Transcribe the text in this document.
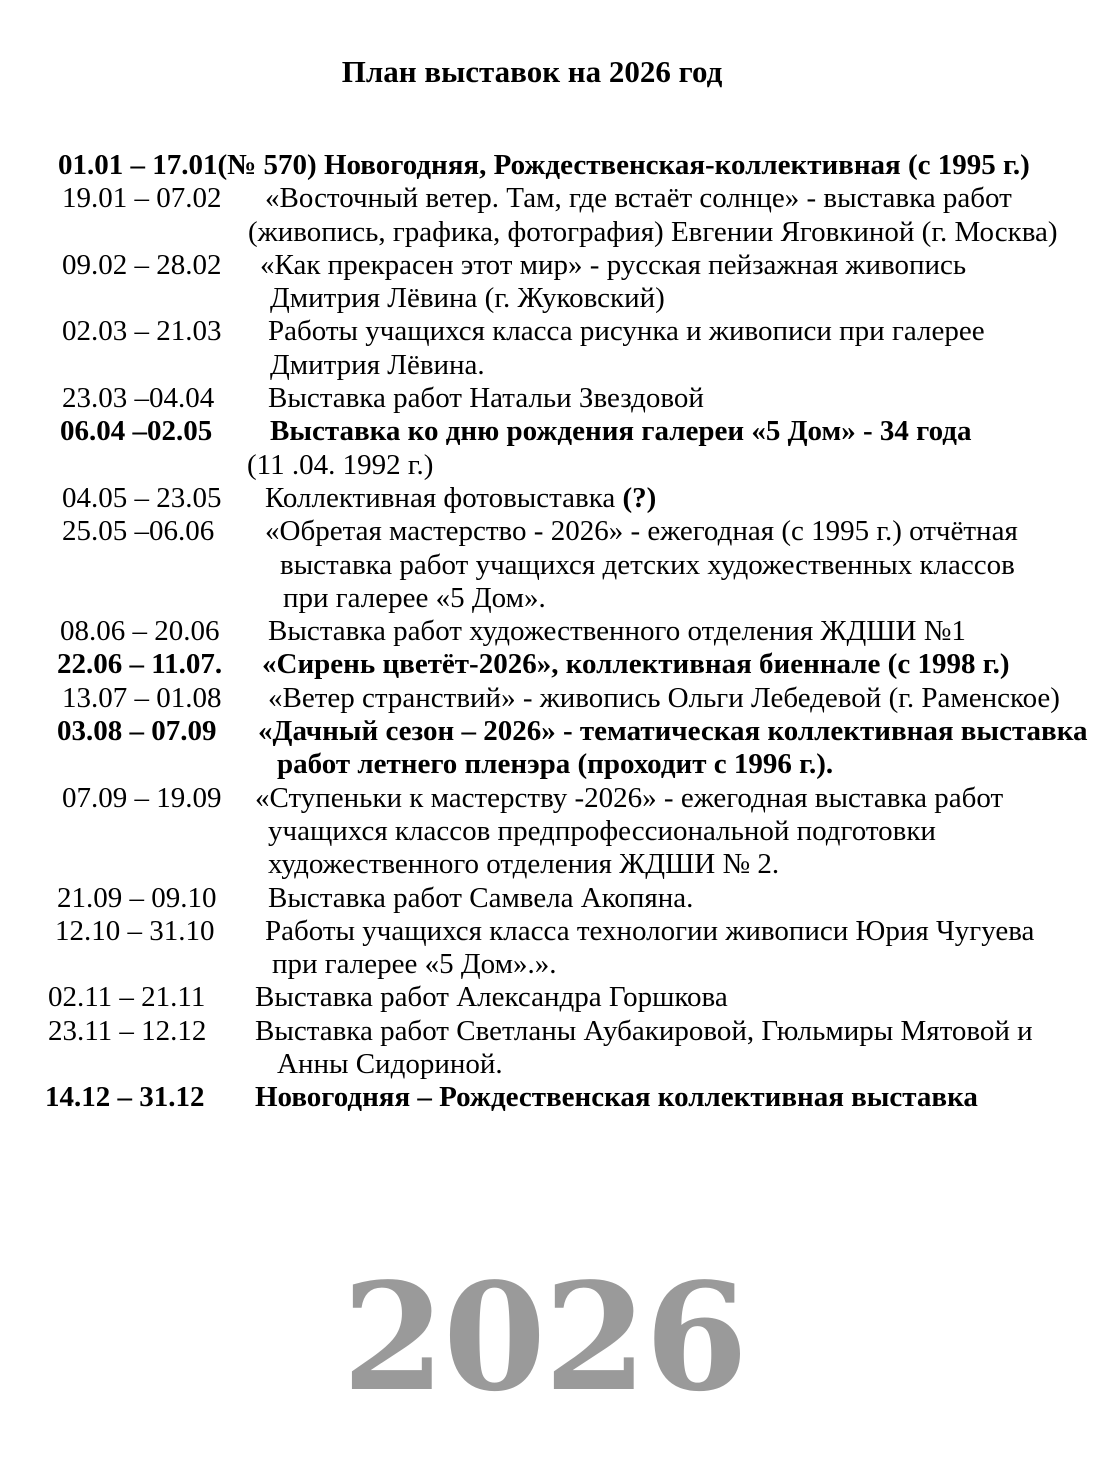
План выставок на 2026 год
01.01 – 17.01(№ 570) Новогодняя, Рождественская-коллективная (с 1995 г.)
19.01 – 07.02	«Восточный ветер. Там, где встаёт солнце» - выставка работ
(живопись, графика, фотография) Евгении Яговкиной (г. Москва)
09.02 – 28.02	«Как прекрасен этот мир» - русская пейзажная живопись
Дмитрия Лёвина (г. Жуковский)
02.03 – 21.03	Работы учащихся класса рисунка и живописи при галерее
Дмитрия Лёвина.
23.03 –04.04	Выставка работ Натальи Звездовой
06.04 –02.05	Выставка ко дню рождения галереи «5 Дом» - 34 года
(11 .04. 1992 г.)
04.05 – 23.05	Коллективная фотовыставка (?)
25.05 –06.06	«Обретая мастерство - 2026» - ежегодная (с 1995 г.) отчётная
выставка работ учащихся детских художественных классов
при галерее «5 Дом».
08.06 – 20.06	Выставка работ художественного отделения ЖДШИ №1
22.06 – 11.07.	«Сирень цветёт-2026», коллективная биеннале (с 1998 г.)
13.07 – 01.08	«Ветер странствий» - живопись Ольги Лебедевой (г. Раменское)
03.08 – 07.09	«Дачный сезон – 2026» - тематическая коллективная выставка
работ летнего пленэра (проходит с 1996 г.).
07.09 – 19.09	«Ступеньки к мастерству -2026» - ежегодная выставка работ
учащихся классов предпрофессиональной подготовки
художественного отделения ЖДШИ № 2.
21.09 – 09.10	Выставка работ Самвела Акопяна.
12.10 – 31.10	Работы учащихся класса технологии живописи Юрия Чугуева
при галерее «5 Дом».».
02.11 – 21.11	Выставка работ Александра Горшкова
23.11 – 12.12	Выставка работ Светланы Аубакировой, Гюльмиры Мятовой и
Анны Сидориной.
14.12 – 31.12	Новогодняя – Рождественская коллективная выставка
2026
